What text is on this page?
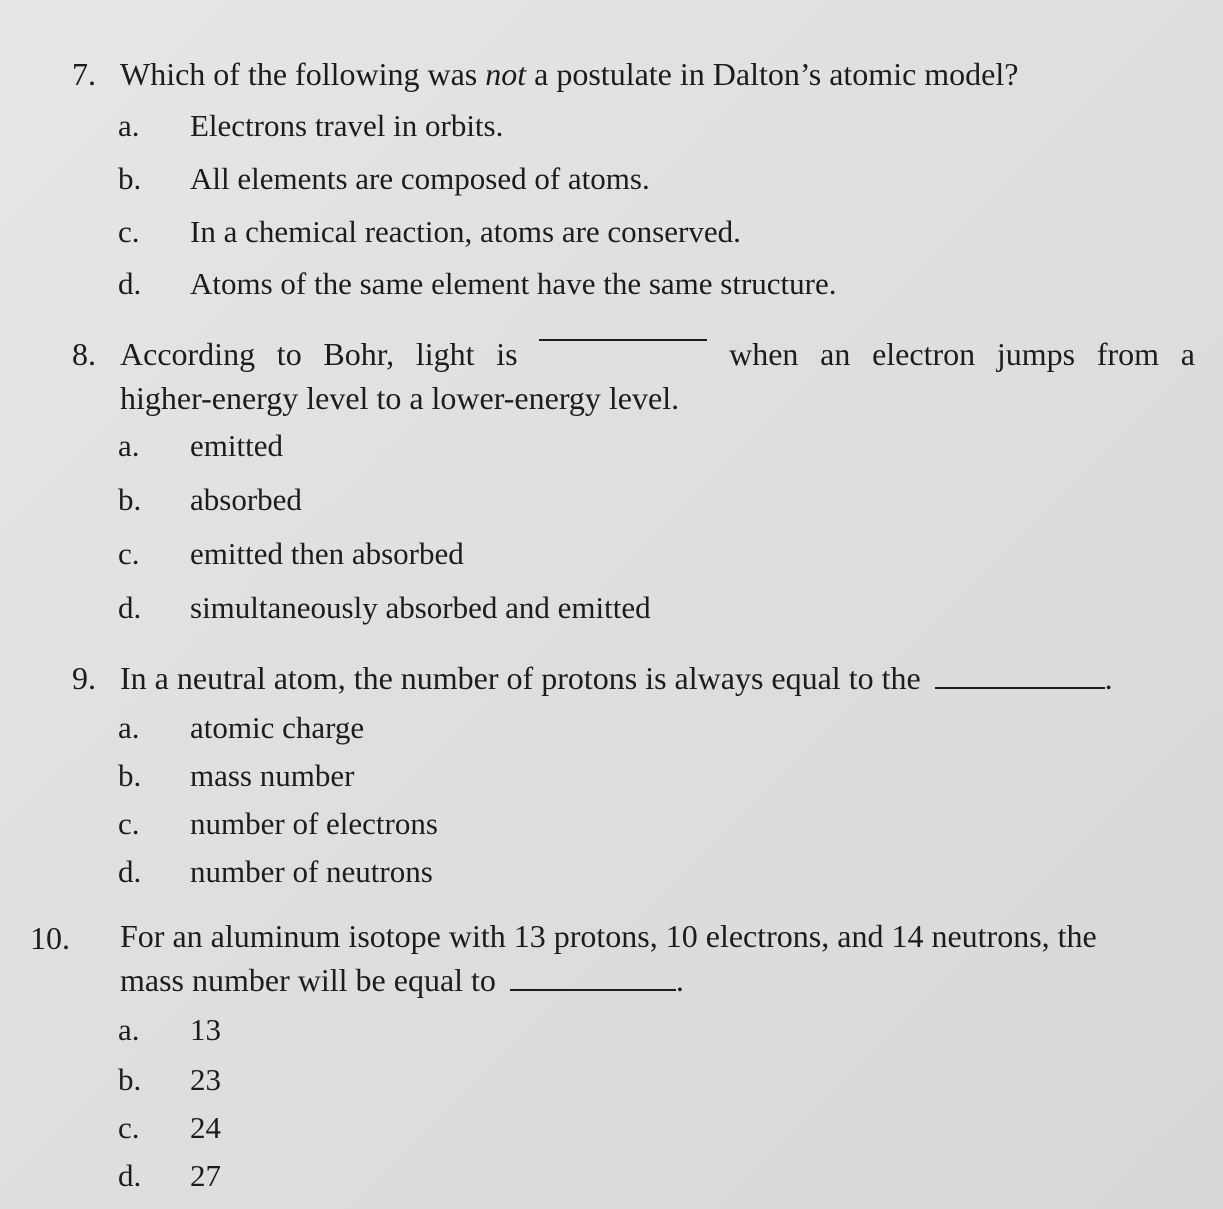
7. Which of the following was not a postulate in Dalton’s atomic model?
a. Electrons travel in orbits.
b. All elements are composed of atoms.
c. In a chemical reaction, atoms are conserved.
d. Atoms of the same element have the same structure.
8. According to Bohr, light is	when an electron jumps from a
higher-energy level to a lower-energy level.
a. emitted
b. absorbed
c. emitted then absorbed
d. simultaneously absorbed and emitted
9. In a neutral atom, the number of protons is always equal to the	.
a. atomic charge
b. mass number
c. number of electrons
d. number of neutrons
10. For an aluminum isotope with 13 protons, 10 electrons, and 14 neutrons, the
mass number will be equal to	.
a. 13
b. 23
c. 24
d. 27
